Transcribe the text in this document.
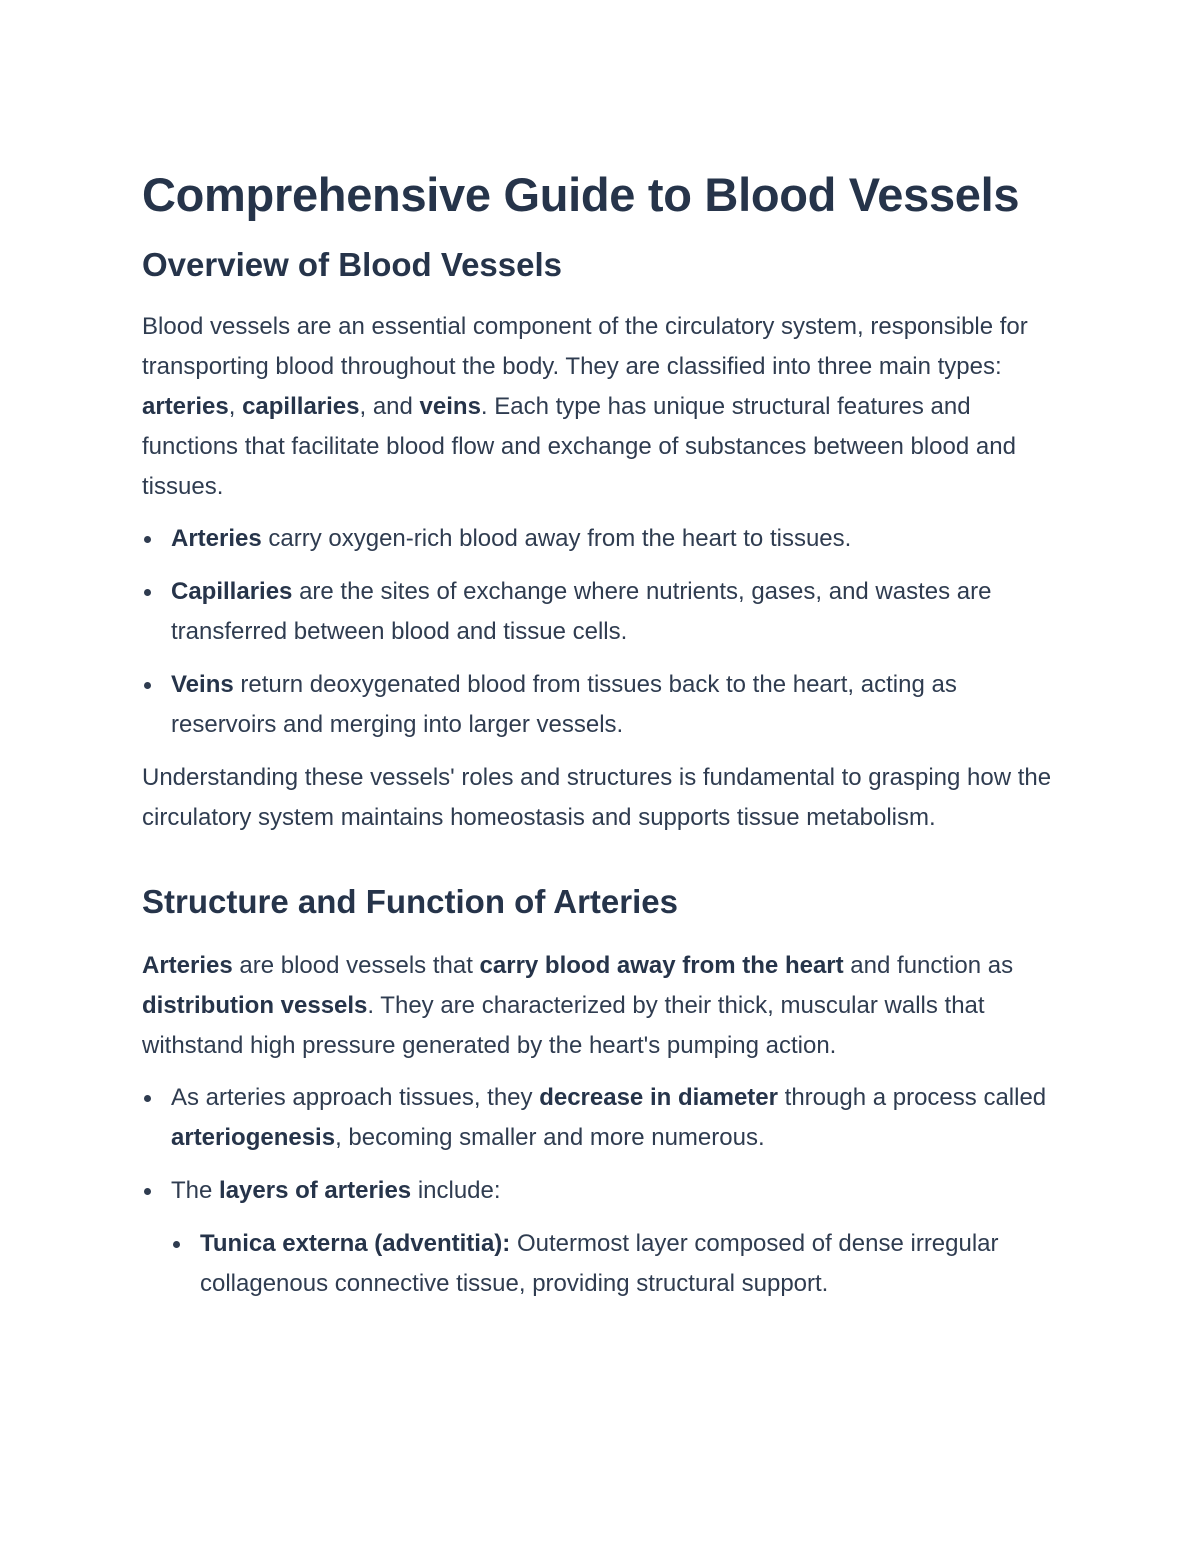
Comprehensive Guide to Blood Vessels
Overview of Blood Vessels

Blood vessels are an essential component of the circulatory system, responsible for transporting blood throughout the body. They are classified into three main types: arteries, capillaries, and veins. Each type has unique structural features and functions that facilitate blood flow and exchange of substances between blood and tissues.

Arteries carry oxygen-rich blood away from the heart to tissues.
Capillaries are the sites of exchange where nutrients, gases, and wastes are transferred between blood and tissue cells.
Veins return deoxygenated blood from tissues back to the heart, acting as reservoirs and merging into larger vessels.

Understanding these vessels' roles and structures is fundamental to grasping how the circulatory system maintains homeostasis and supports tissue metabolism.

Structure and Function of Arteries

Arteries are blood vessels that carry blood away from the heart and function as distribution vessels. They are characterized by their thick, muscular walls that withstand high pressure generated by the heart's pumping action.

As arteries approach tissues, they decrease in diameter through a process called arteriogenesis, becoming smaller and more numerous.
The layers of arteries include:
Tunica externa (adventitia): Outermost layer composed of dense irregular collagenous connective tissue, providing structural support.
